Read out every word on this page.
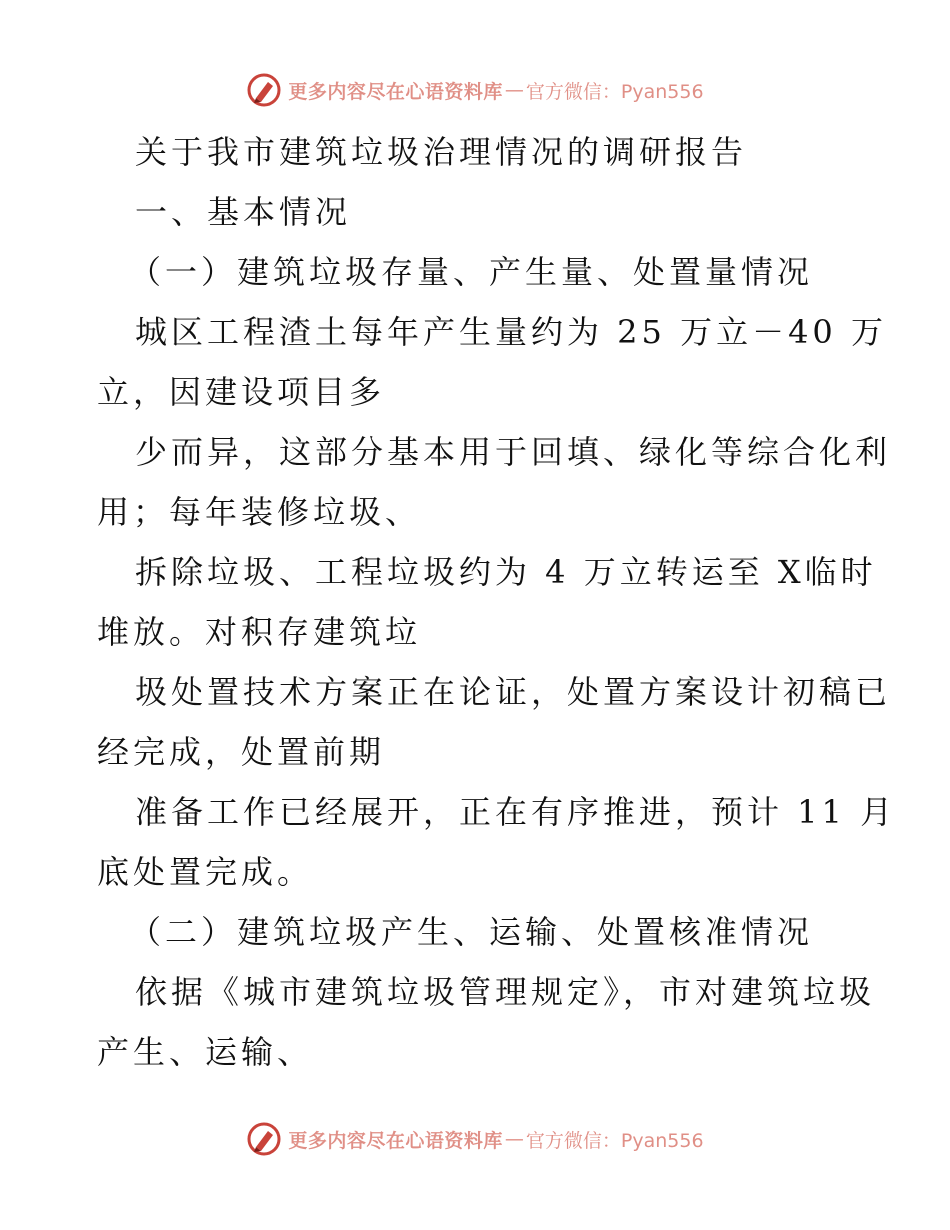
更多内容尽在心语资料库 — 官方微信：Pyan556
关于我市建筑垃圾治理情况的调研报告
一、基本情况
（一）建筑垃圾存量、产生量、处置量情况
城区工程渣土每年产生量约为 25 万立－40 万
立，因建设项目多
少而异，这部分基本用于回填、绿化等综合化利
用；每年装修垃圾、
拆除垃圾、工程垃圾约为 4 万立转运至 X临时
堆放。对积存建筑垃
圾处置技术方案正在论证，处置方案设计初稿已
经完成，处置前期
准备工作已经展开，正在有序推进，预计 11 月
底处置完成。
（二）建筑垃圾产生、运输、处置核准情况
依据《城市建筑垃圾管理规定》，市对建筑垃圾
产生、运输、
更多内容尽在心语资料库 — 官方微信：Pyan556
